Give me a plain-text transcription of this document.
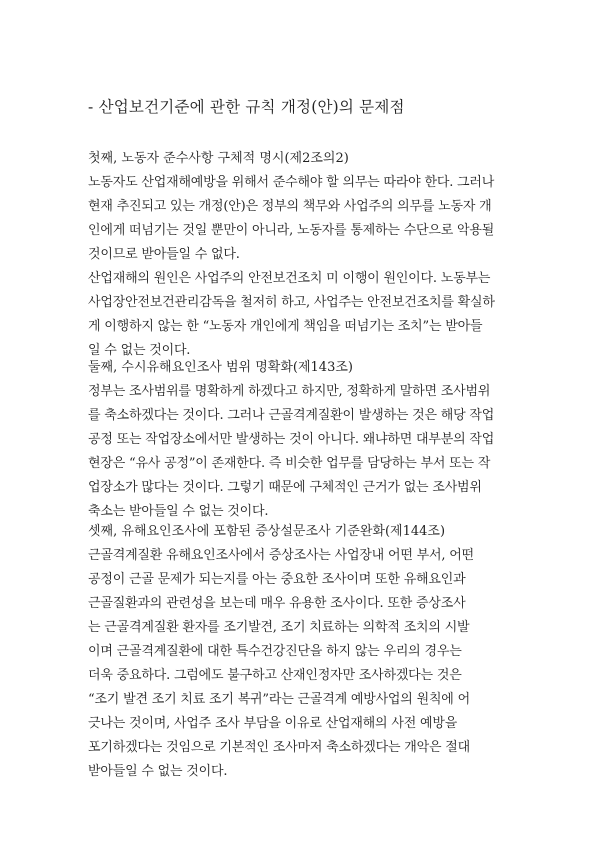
- 산업보건기준에 관한 규칙 개정(안)의 문제점

첫째, 노동자 준수사항 구체적 명시(제2조의2)

노동자도 산업재해예방을 위해서 준수해야 할 의무는 따라야 한다. 그러나
현재 추진되고 있는 개정(안)은 정부의 책무와 사업주의 의무를 노동자 개
인에게 떠넘기는 것일 뿐만이 아니라, 노동자를 통제하는 수단으로 악용될
것이므로 받아들일 수 없다.
산업재해의 원인은 사업주의 안전보건조치 미 이행이 원인이다. 노동부는
사업장안전보건관리감독을 철저히 하고, 사업주는 안전보건조치를 확실하
게 이행하지 않는 한 “노동자 개인에게 책임을 떠넘기는 조치”는 받아들
일 수 없는 것이다.

둘째, 수시유해요인조사 범위 명확화(제143조)

정부는 조사범위를 명확하게 하겠다고 하지만, 정확하게 말하면 조사범위
를 축소하겠다는 것이다. 그러나 근골격계질환이 발생하는 것은 해당 작업
공정 또는 작업장소에서만 발생하는 것이 아니다. 왜냐하면 대부분의 작업
현장은 “유사 공정”이 존재한다. 즉 비슷한 업무를 담당하는 부서 또는 작
업장소가 많다는 것이다. 그렇기 때문에 구체적인 근거가 없는 조사범위
축소는 받아들일 수 없는 것이다.

셋째, 유해요인조사에 포함된 증상설문조사 기준완화(제144조)

근골격계질환 유해요인조사에서 증상조사는 사업장내 어떤 부서, 어떤
공정이 근골 문제가 되는지를 아는 중요한 조사이며 또한 유해요인과
근골질환과의 관련성을 보는데 매우 유용한 조사이다. 또한 증상조사
는 근골격계질환 환자를 조기발견, 조기 치료하는 의학적 조치의 시발
이며 근골격계질환에 대한 특수건강진단을 하지 않는 우리의 경우는
더욱 중요하다. 그럼에도 불구하고 산재인정자만 조사하겠다는 것은
“조기 발견 조기 치료 조기 복귀”라는 근골격계 예방사업의 원칙에 어
긋나는 것이며, 사업주 조사 부담을 이유로 산업재해의 사전 예방을
포기하겠다는 것임으로 기본적인 조사마저 축소하겠다는 개악은 절대
받아들일 수 없는 것이다.
